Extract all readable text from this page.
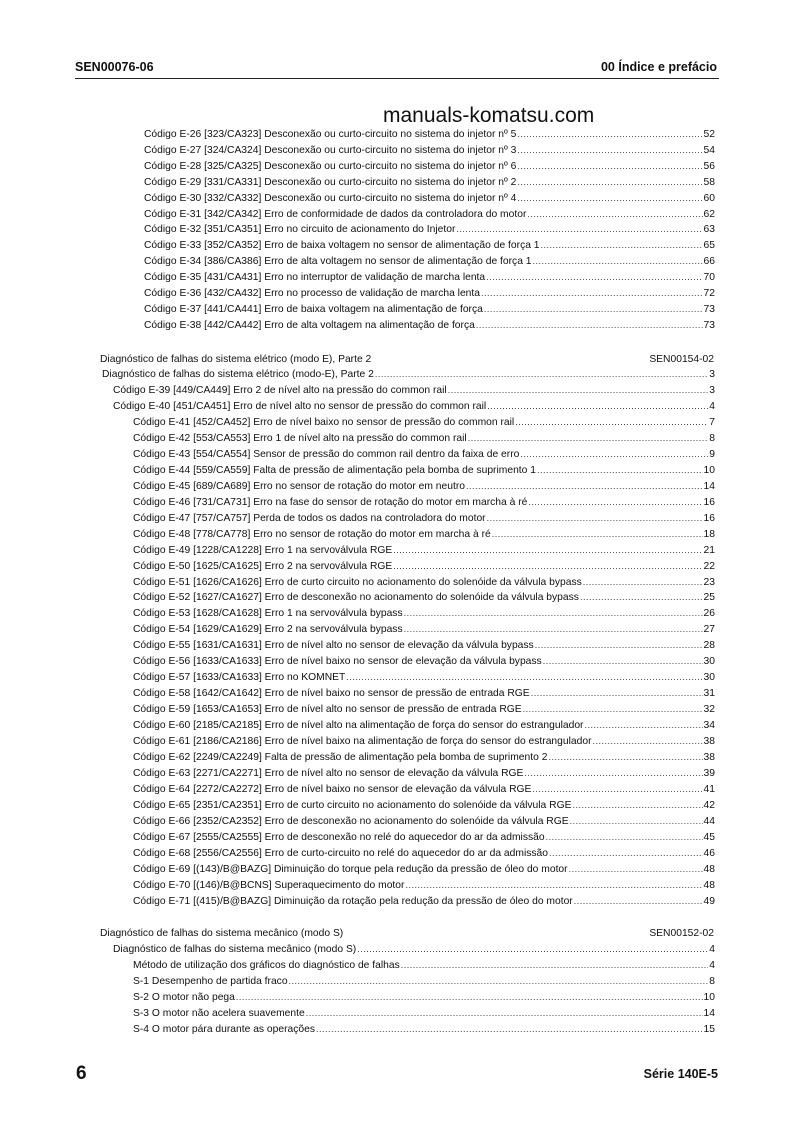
SEN00076-06	00 Índice e prefácio
manuals-komatsu.com
Código E-26 [323/CA323] Desconexão ou curto-circuito no sistema do injetor nº 5 .....	52
Código E-27 [324/CA324] Desconexão ou curto-circuito no sistema do injetor nº 3 .....	54
Código E-28 [325/CA325] Desconexão ou curto-circuito no sistema do injetor nº 6 .....	56
Código E-29 [331/CA331] Desconexão ou curto-circuito no sistema do injetor nº 2 .....	58
Código E-30 [332/CA332] Desconexão ou curto-circuito no sistema do injetor nº 4 .....	60
Código E-31 [342/CA342] Erro de conformidade de dados da controladora do motor .....	62
Código E-32 [351/CA351] Erro no circuito de acionamento do Injetor .....	63
Código E-33 [352/CA352] Erro de baixa voltagem no sensor de alimentação de força 1 .....	65
Código E-34 [386/CA386] Erro de alta voltagem no sensor de alimentação de força 1 .....	66
Código E-35 [431/CA431] Erro no interruptor de validação de marcha lenta .....	70
Código E-36 [432/CA432] Erro no processo de validação de marcha lenta .....	72
Código E-37 [441/CA441] Erro de baixa voltagem na alimentação de força .....	73
Código E-38 [442/CA442] Erro de alta voltagem na alimentação de força .....	73
Diagnóstico de falhas do sistema elétrico (modo E), Parte 2	SEN00154-02
Diagnóstico de falhas do sistema elétrico (modo-E), Parte 2 .....	3
Código E-39 [449/CA449] Erro 2 de nível alto na pressão do common rail .....	3
Código E-40 [451/CA451] Erro de nível alto no sensor de pressão do common rail .....	4
Código E-41 [452/CA452] Erro de nível baixo no sensor de pressão do common rail .....	7
Código E-42 [553/CA553] Erro 1 de nível alto na pressão do common rail .....	8
Código E-43 [554/CA554] Sensor de pressão do common rail dentro da faixa de erro .....	9
Código E-44 [559/CA559] Falta de pressão de alimentação pela bomba de suprimento 1 .....	10
Código E-45 [689/CA689] Erro no sensor de rotação do motor em neutro .....	14
Código E-46 [731/CA731] Erro na fase do sensor de rotação do motor em marcha à ré .....	16
Código E-47 [757/CA757] Perda de todos os dados na controladora do motor .....	16
Código E-48 [778/CA778] Erro no sensor de rotação do motor em marcha à ré .....	18
Código E-49 [1228/CA1228] Erro 1 na servoválvula RGE .....	21
Código E-50 [1625/CA1625] Erro 2 na servoválvula RGE .....	22
Código E-51 [1626/CA1626] Erro de curto circuito no acionamento do solenóide da válvula bypass .....	23
Código E-52 [1627/CA1627] Erro de desconexão no acionamento do solenóide da válvula bypass .....	25
Código E-53 [1628/CA1628] Erro 1 na servoválvula bypass .....	26
Código E-54 [1629/CA1629] Erro 2 na servoválvula bypass .....	27
Código E-55 [1631/CA1631] Erro de nível alto no sensor de elevação da válvula bypass .....	28
Código E-56 [1633/CA1633] Erro de nível baixo no sensor de elevação da válvula bypass .....	30
Código E-57 [1633/CA1633] Erro no KOMNET .....	30
Código E-58 [1642/CA1642] Erro de nível baixo no sensor de pressão de entrada RGE .....	31
Código E-59 [1653/CA1653] Erro de nível alto no sensor de pressão de entrada RGE .....	32
Código E-60 [2185/CA2185] Erro de nível alto na alimentação de força do sensor do estrangulador .....	34
Código E-61 [2186/CA2186] Erro de nível baixo na alimentação de força do sensor do estrangulador .....	38
Código E-62 [2249/CA2249] Falta de pressão de alimentação pela bomba de suprimento 2 .....	38
Código E-63 [2271/CA2271] Erro de nível alto no sensor de elevação da válvula RGE .....	39
Código E-64 [2272/CA2272] Erro de nível baixo no sensor de elevação da válvula RGE .....	41
Código E-65 [2351/CA2351] Erro de curto circuito no acionamento do solenóide da válvula RGE .....	42
Código E-66 [2352/CA2352] Erro de desconexão no acionamento do solenóide da válvula RGE .....	44
Código E-67 [2555/CA2555] Erro de desconexão no relé do aquecedor do ar da admissão .....	45
Código E-68 [2556/CA2556] Erro de curto-circuito no relé do aquecedor do ar da admissão .....	46
Código E-69 [(143)/B@BAZG] Diminuição do torque pela redução da pressão de óleo do motor .....	48
Código E-70 [(146)/B@BCNS] Superaquecimento do motor .....	48
Código E-71 [(415)/B@BAZG] Diminuição da rotação pela redução da pressão de óleo do motor .....	49
Diagnóstico de falhas do sistema mecânico (modo S)	SEN00152-02
Diagnóstico de falhas do sistema mecânico (modo S) .....	4
Método de utilização dos gráficos do diagnóstico de falhas .....	4
S-1 Desempenho de partida fraco .....	8
S-2 O motor não pega .....	10
S-3 O motor não acelera suavemente .....	14
S-4 O motor pára durante as operações .....	15
6	Série 140E-5
